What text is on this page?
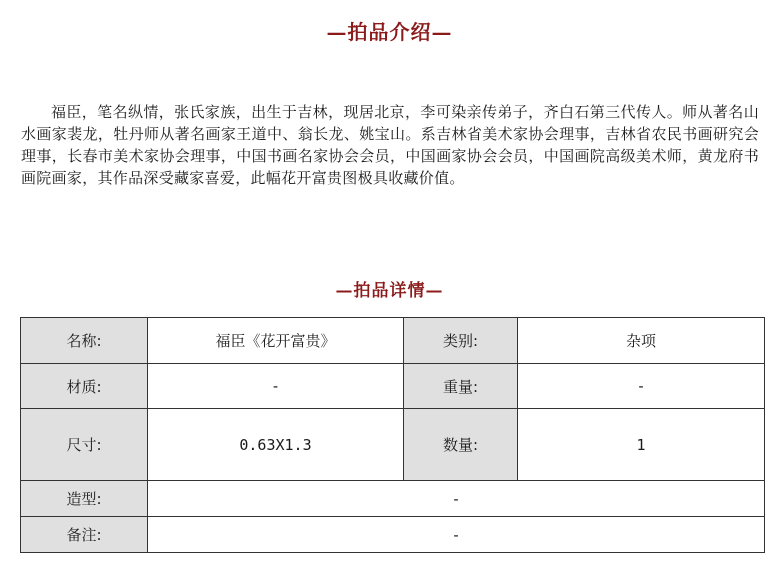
—拍品介绍—
福臣，笔名纵情，张氏家族，出生于吉林，现居北京，李可染亲传弟子，齐白石第三代传人。师从著名山水画家裴龙，牡丹师从著名画家王道中、翁长龙、姚宝山。系吉林省美术家协会理事，吉林省农民书画研究会理事，长春市美术家协会理事，中国书画名家协会会员，中国画家协会会员，中国画院高级美术师，黄龙府书画院画家，其作品深受藏家喜爱，此幅花开富贵图极具收藏价值。
—拍品详情—
名称:	福臣《花开富贵》	类别:	杂项
材质:	-	重量:	-
尺寸:	0.63X1.3	数量:	1
造型:	-		
备注:	-		
